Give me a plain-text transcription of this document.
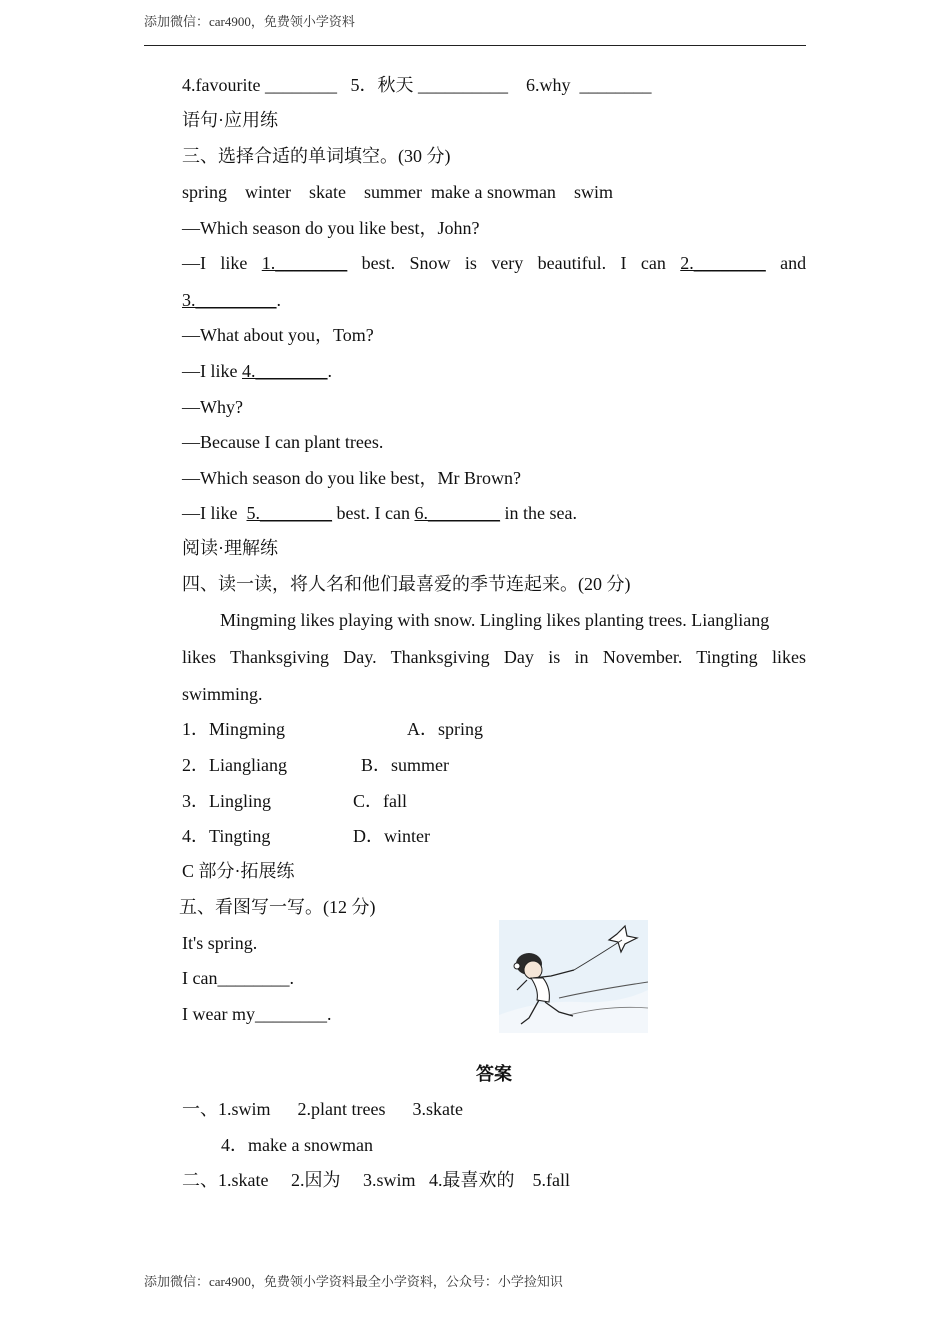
添加微信：car4900，免费领小学资料
4.favourite ________ 5．秋天 __________ 6.why ________
语句·应用练
三、选择合适的单词填空。(30 分)
spring winter skate summer make a snowman swim
—Which season do you like best，John?
—I like 1.________ best. Snow is very beautiful. I can 2.________ and
3._________.
—What about you，Tom?
—I like 4.________.
—Why?
—Because I can plant trees.
—Which season do you like best，Mr Brown?
—I like  5.________ best. I can 6.________ in the sea.
阅读·理解练
四、读一读，将人名和他们最喜爱的季节连起来。(20 分)
Mingming likes playing with snow. Lingling likes planting trees. Liangliang
likes Thanksgiving Day. Thanksgiving Day is in November. Tingting likes
swimming.
1．Mingming	A．spring
2．Liangliang	B．summer
3．Lingling	C．fall
4．Tingting	D．winter
C 部分·拓展练
五、看图写一写。(12 分)
It's spring.
I can________.
I wear my________.
答案
一、1.swim 2.plant trees 3.skate
4．make a snowman
二、1.skate 2.因为 3.swim 4.最喜欢的 5.fall
添加微信：car4900，免费领小学资料最全小学资料，公众号：小学捡知识
